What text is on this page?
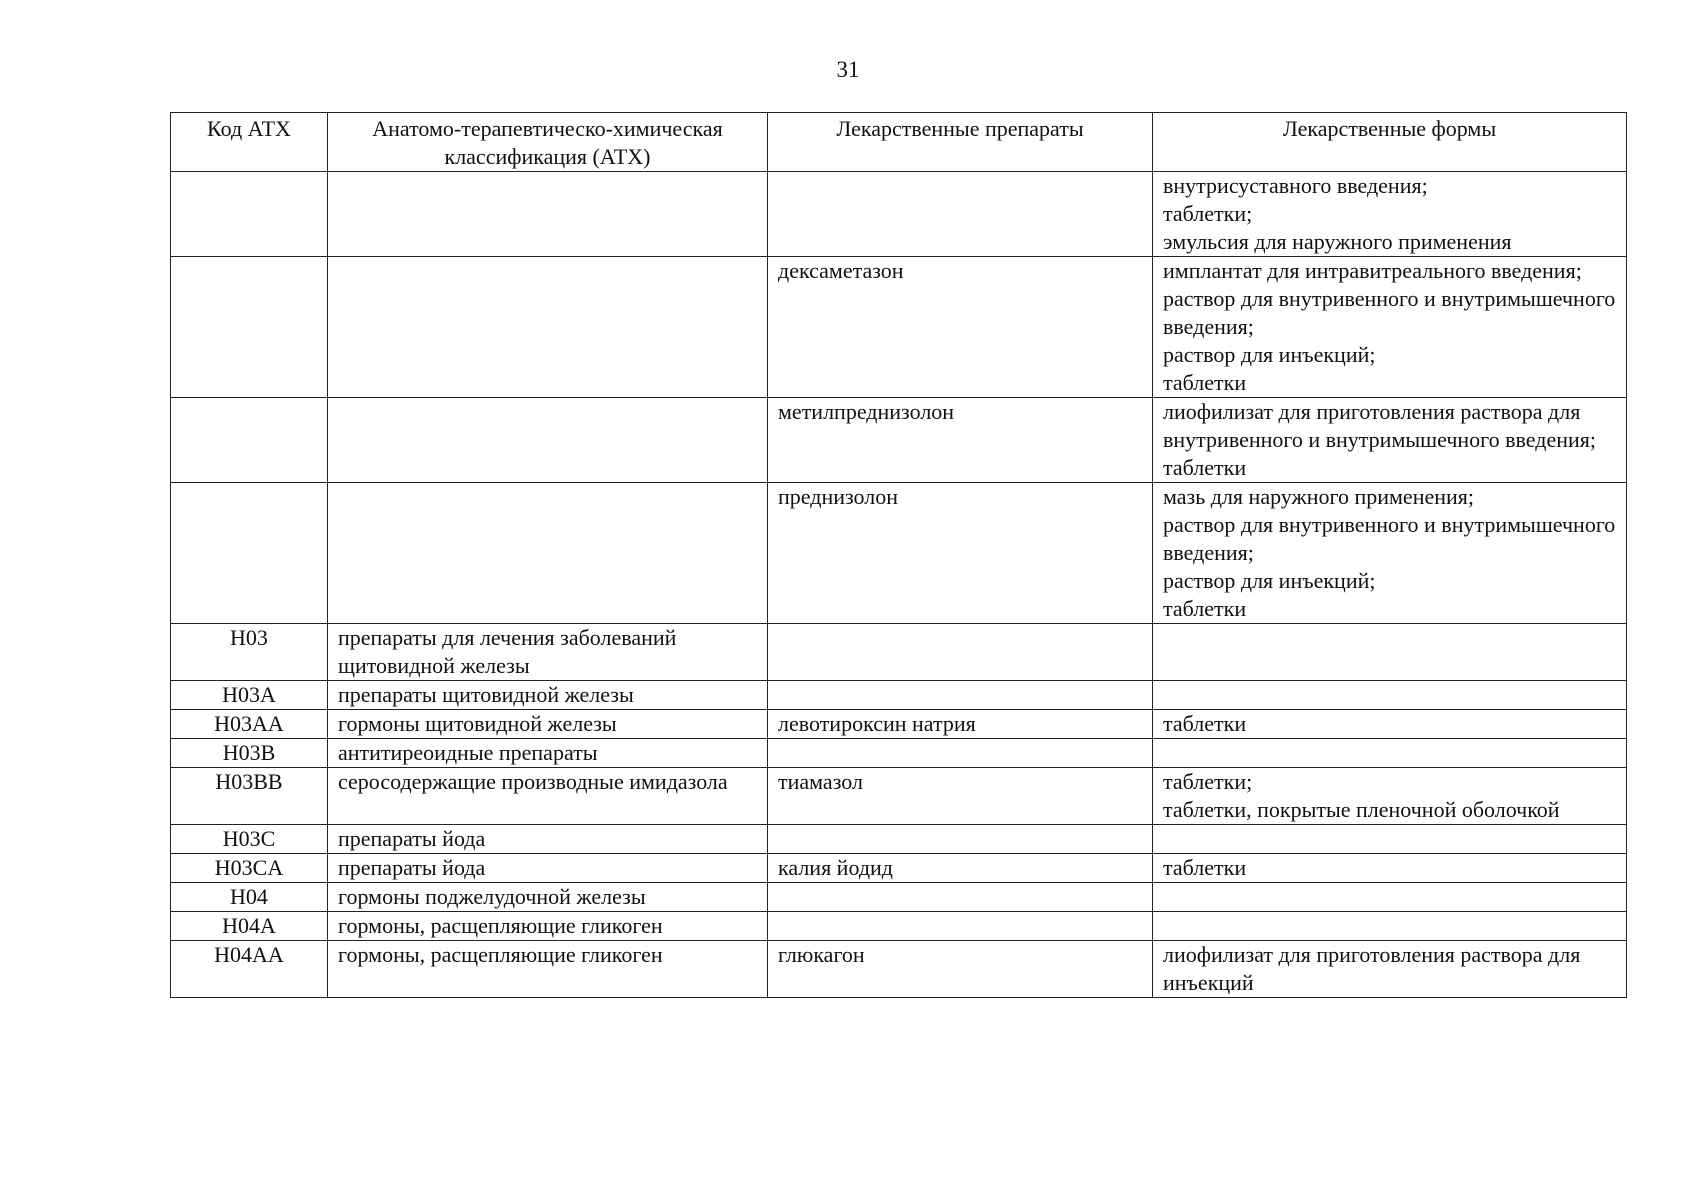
31
Код АТХ	Анатомо-терапевтическо-химическая классификация (АТХ)	Лекарственные препараты	Лекарственные формы
			внутрисуставного введения;
таблетки;
эмульсия для наружного применения
		дексаметазон	имплантат для интравитреального введения;
раствор для внутривенного и внутримышечного введения;
раствор для инъекций;
таблетки
		метилпреднизолон	лиофилизат для приготовления раствора для внутривенного и внутримышечного введения;
таблетки
		преднизолон	мазь для наружного применения;
раствор для внутривенного и внутримышечного введения;
раствор для инъекций;
таблетки
H03	препараты для лечения заболеваний щитовидной железы		
H03A	препараты щитовидной железы		
H03AA	гормоны щитовидной железы	левотироксин натрия	таблетки
H03B	антитиреоидные препараты		
H03BB	серосодержащие производные имидазола	тиамазол	таблетки;
таблетки, покрытые пленочной оболочкой
H03C	препараты йода		
H03CA	препараты йода	калия йодид	таблетки
H04	гормоны поджелудочной железы		
H04A	гормоны, расщепляющие гликоген		
H04AA	гормоны, расщепляющие гликоген	глюкагон	лиофилизат для приготовления раствора для инъекций
